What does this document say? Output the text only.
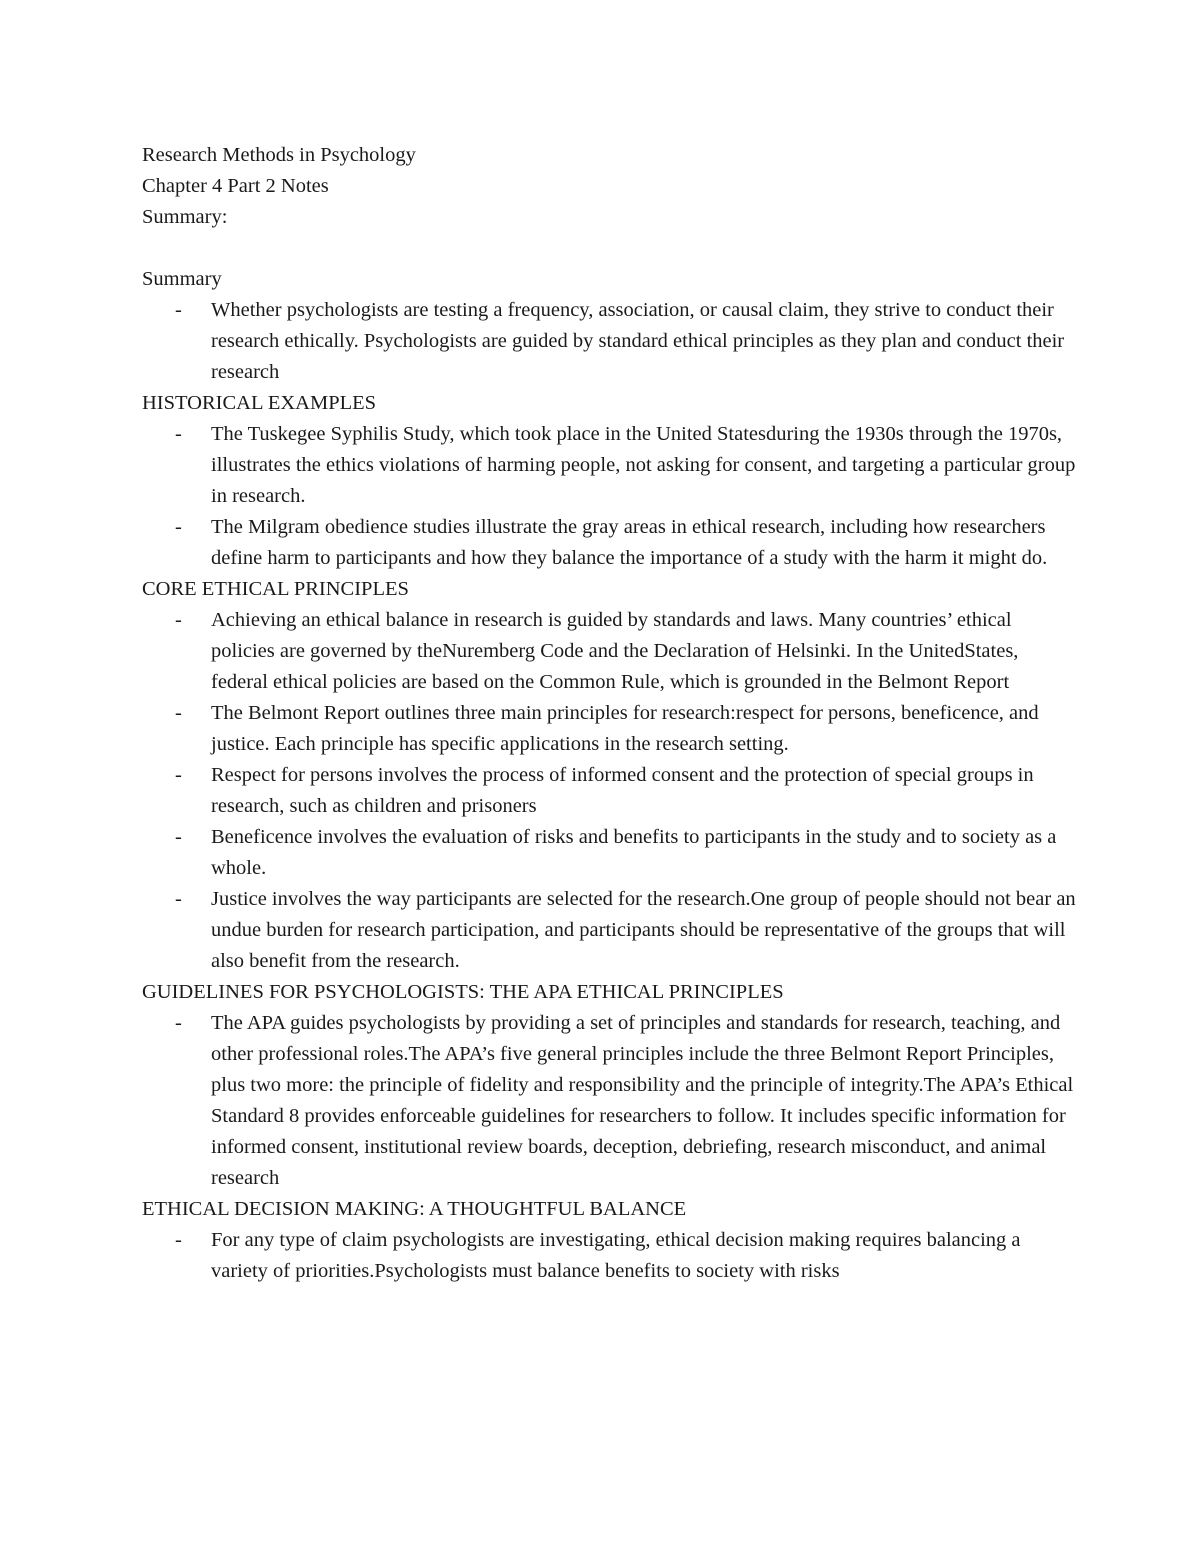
Research Methods in Psychology

Chapter 4 Part 2 Notes

Summary:

Summary

- Whether psychologists are testing a frequency, association, or causal claim, they strive to conduct their research ethically. Psychologists are guided by standard ethical principles as they plan and conduct their research

HISTORICAL EXAMPLES

- The Tuskegee Syphilis Study, which took place in the United Statesduring the 1930s through the 1970s, illustrates the ethics violations of harming people, not asking for consent, and targeting a particular group in research.
- The Milgram obedience studies illustrate the gray areas in ethical research, including how researchers define harm to participants and how they balance the importance of a study with the harm it might do.

CORE ETHICAL PRINCIPLES

- Achieving an ethical balance in research is guided by standards and laws. Many countries’ ethical policies are governed by theNuremberg Code and the Declaration of Helsinki. In the UnitedStates, federal ethical policies are based on the Common Rule, which is grounded in the Belmont Report
- The Belmont Report outlines three main principles for research:respect for persons, beneficence, and justice. Each principle has specific applications in the research setting.
- Respect for persons involves the process of informed consent and the protection of special groups in research, such as children and prisoners
- Beneficence involves the evaluation of risks and benefits to participants in the study and to society as a whole.
- Justice involves the way participants are selected for the research.One group of people should not bear an undue burden for research participation, and participants should be representative of the groups that will also benefit from the research.

GUIDELINES FOR PSYCHOLOGISTS: THE APA ETHICAL PRINCIPLES

- The APA guides psychologists by providing a set of principles and standards for research, teaching, and other professional roles.The APA’s five general principles include the three Belmont Report Principles, plus two more: the principle of fidelity and responsibility and the principle of integrity.The APA’s Ethical Standard 8 provides enforceable guidelines for researchers to follow. It includes specific information for informed consent, institutional review boards, deception, debriefing, research misconduct, and animal research

ETHICAL DECISION MAKING: A THOUGHTFUL BALANCE

- For any type of claim psychologists are investigating, ethical decision making requires balancing a variety of priorities.Psychologists must balance benefits to society with risks
